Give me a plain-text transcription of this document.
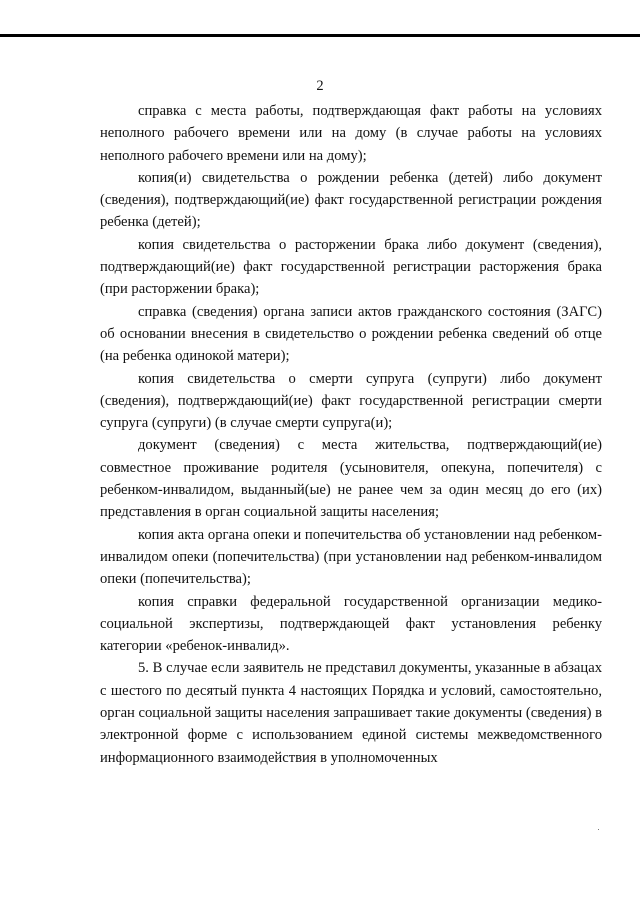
2

справка с места работы, подтверждающая факт работы на условиях неполного рабочего времени или на дому (в случае работы на условиях неполного рабочего времени или на дому);

копия(и) свидетельства о рождении ребенка (детей) либо документ (сведения), подтверждающий(ие) факт государственной регистрации рождения ребенка (детей);

копия свидетельства о расторжении брака либо документ (сведения), подтверждающий(ие) факт государственной регистрации расторжения брака (при расторжении брака);

справка (сведения) органа записи актов гражданского состояния (ЗАГС) об основании внесения в свидетельство о рождении ребенка сведений об отце (на ребенка одинокой матери);

копия свидетельства о смерти супруга (супруги) либо документ (сведения), подтверждающий(ие) факт государственной регистрации смерти супруга (супруги) (в случае смерти супруга(и);

документ (сведения) с места жительства, подтверждающий(ие) совместное проживание родителя (усыновителя, опекуна, попечителя) с ребенком-инвалидом, выданный(ые) не ранее чем за один месяц до его (их) представления в орган социальной защиты населения;

копия акта органа опеки и попечительства об установлении над ребенком-инвалидом опеки (попечительства) (при установлении над ребенком-инвалидом опеки (попечительства);

копия справки федеральной государственной организации медико-социальной экспертизы, подтверждающей факт установления ребенку категории «ребенок-инвалид».

5. В случае если заявитель не представил документы, указанные в абзацах с шестого по десятый пункта 4 настоящих Порядка и условий, самостоятельно, орган социальной защиты населения запрашивает такие документы (сведения) в электронной форме с использованием единой системы межведомственного информационного взаимодействия в уполномоченных
